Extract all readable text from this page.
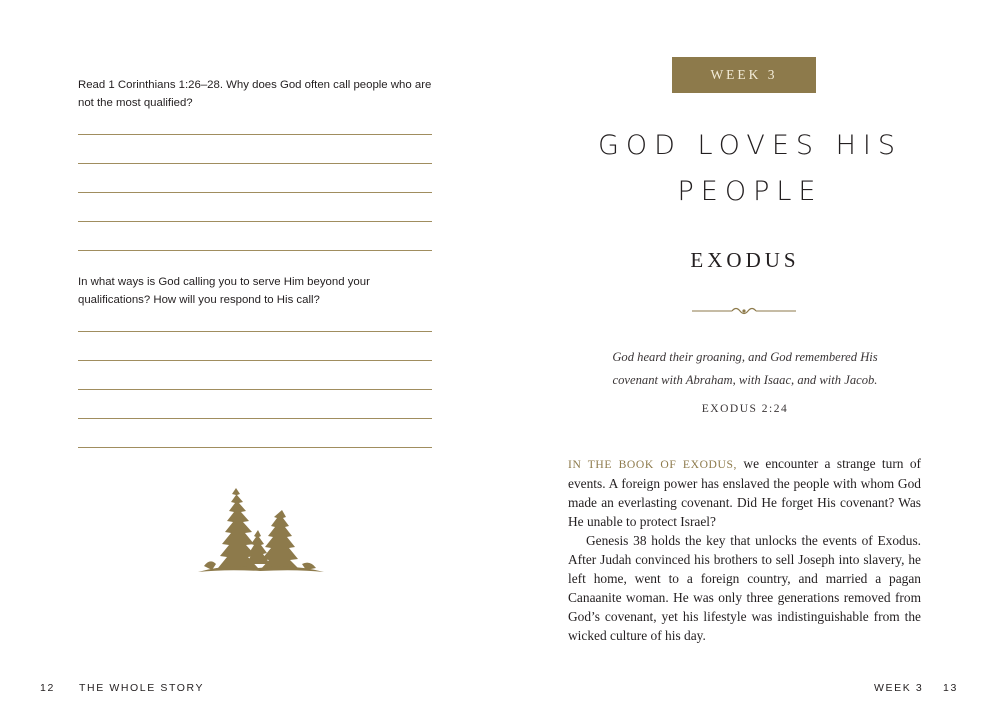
Read 1 Corinthians 1:26–28. Why does God often call people who are not the most qualified?
In what ways is God calling you to serve Him beyond your qualifications? How will you respond to His call?
12 THE WHOLE STORY
WEEK 3
GOD LOVES HIS
PEOPLE
EXODUS
God heard their groaning, and God remembered His
covenant with Abraham, with Isaac, and with Jacob.
EXODUS 2:24

IN THE BOOK OF EXODUS, we encounter a strange turn of events. A foreign power has enslaved the people with whom God made an everlasting covenant. Did He forget His covenant? Was He unable to protect Israel?

Genesis 38 holds the key that unlocks the events of Exodus. After Judah convinced his brothers to sell Joseph into slavery, he left home, went to a foreign country, and married a pagan Canaanite woman. He was only three generations removed from God’s covenant, yet his lifestyle was indistinguishable from the wicked culture of his day.

WEEK 3 13
